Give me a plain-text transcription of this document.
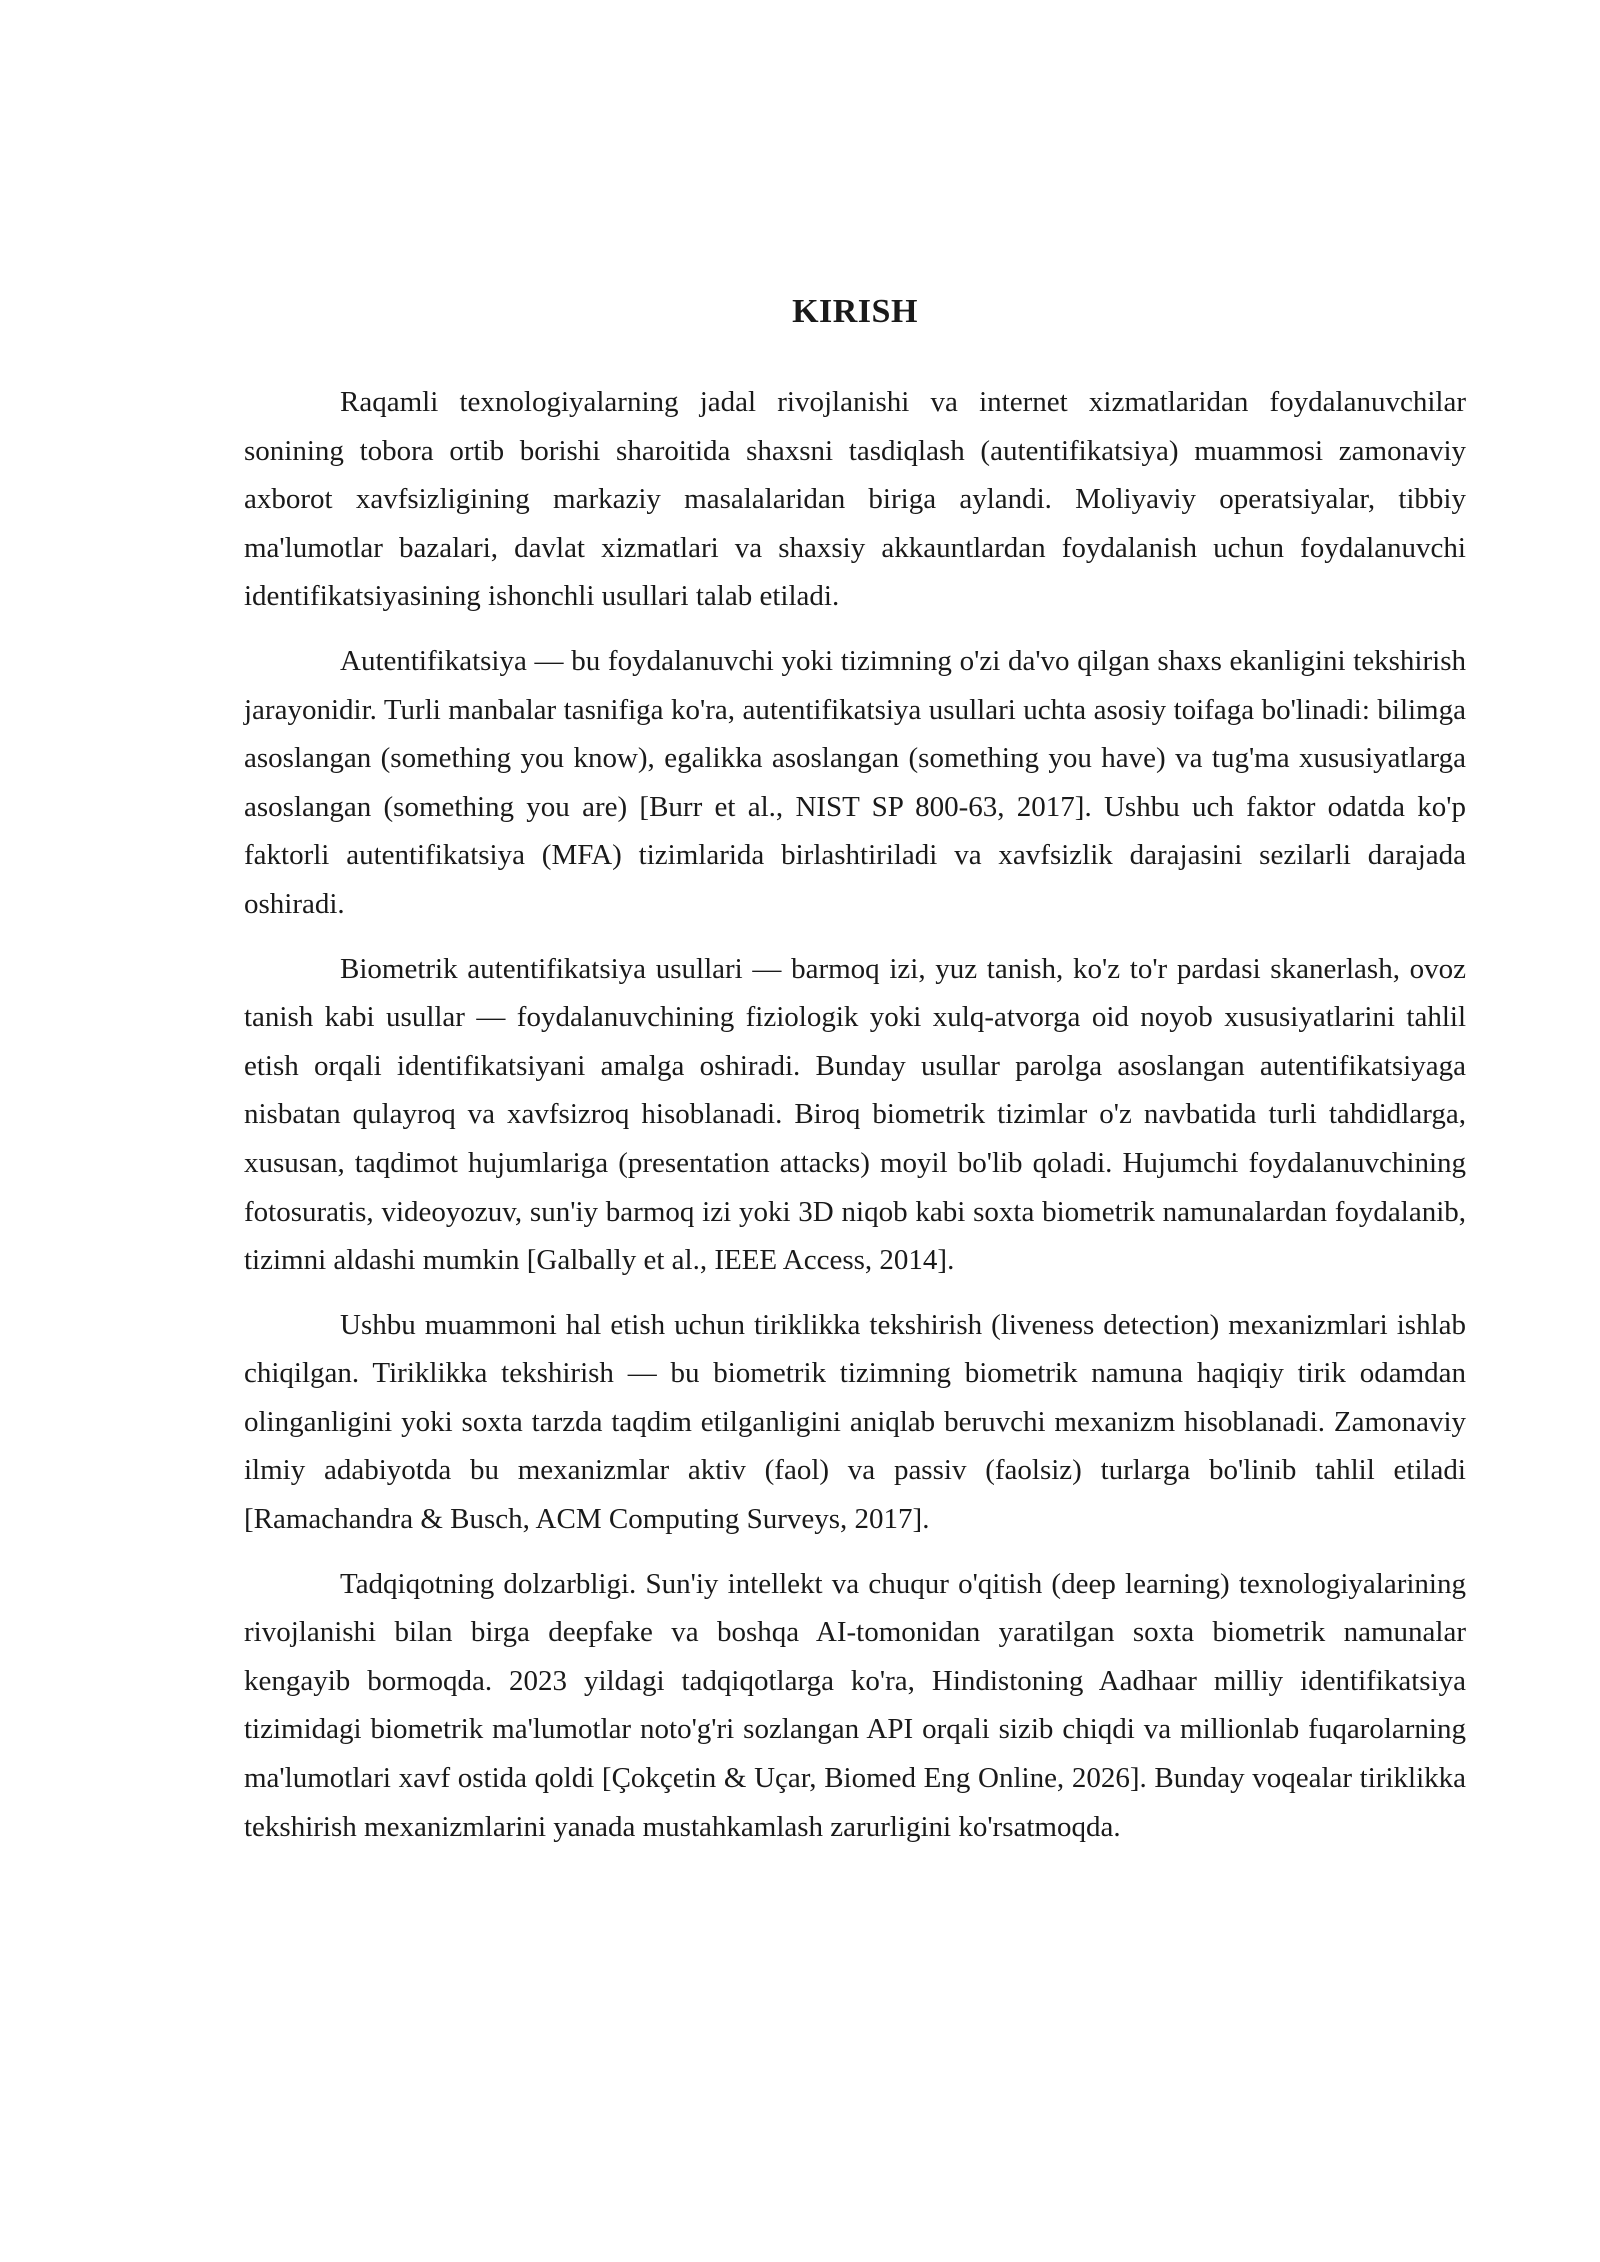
KIRISH

Raqamli texnologiyalarning jadal rivojlanishi va internet xizmatlaridan foydalanuvchilar sonining tobora ortib borishi sharoitida shaxsni tasdiqlash (autentifikatsiya) muammosi zamonaviy axborot xavfsizligining markaziy masalalaridan biriga aylandi. Moliyaviy operatsiyalar, tibbiy ma'lumotlar bazalari, davlat xizmatlari va shaxsiy akkauntlardan foydalanish uchun foydalanuvchi identifikatsiyasining ishonchli usullari talab etiladi.

Autentifikatsiya — bu foydalanuvchi yoki tizimning o'zi da'vo qilgan shaxs ekanligini tekshirish jarayonidir. Turli manbalar tasnifiga ko'ra, autentifikatsiya usullari uchta asosiy toifaga bo'linadi: bilimga asoslangan (something you know), egalikka asoslangan (something you have) va tug'ma xususiyatlarga asoslangan (something you are) [Burr et al., NIST SP 800-63, 2017]. Ushbu uch faktor odatda ko'p faktorli autentifikatsiya (MFA) tizimlarida birlashtiriladi va xavfsizlik darajasini sezilarli darajada oshiradi.

Biometrik autentifikatsiya usullari — barmoq izi, yuz tanish, ko'z to'r pardasi skanerlash, ovoz tanish kabi usullar — foydalanuvchining fiziologik yoki xulq-atvorga oid noyob xususiyatlarini tahlil etish orqali identifikatsiyani amalga oshiradi. Bunday usullar parolga asoslangan autentifikatsiyaga nisbatan qulayroq va xavfsizroq hisoblanadi. Biroq biometrik tizimlar o'z navbatida turli tahdidlarga, xususan, taqdimot hujumlariga (presentation attacks) moyil bo'lib qoladi. Hujumchi foydalanuvchining fotosuratis, videoyozuv, sun'iy barmoq izi yoki 3D niqob kabi soxta biometrik namunalardan foydalanib, tizimni aldashi mumkin [Galbally et al., IEEE Access, 2014].

Ushbu muammoni hal etish uchun tiriklikka tekshirish (liveness detection) mexanizmlari ishlab chiqilgan. Tiriklikka tekshirish — bu biometrik tizimning biometrik namuna haqiqiy tirik odamdan olinganligini yoki soxta tarzda taqdim etilganligini aniqlab beruvchi mexanizm hisoblanadi. Zamonaviy ilmiy adabiyotda bu mexanizmlar aktiv (faol) va passiv (faolsiz) turlarga bo'linib tahlil etiladi [Ramachandra & Busch, ACM Computing Surveys, 2017].

Tadqiqotning dolzarbligi. Sun'iy intellekt va chuqur o'qitish (deep learning) texnologiyalarining rivojlanishi bilan birga deepfake va boshqa AI-tomonidan yaratilgan soxta biometrik namunalar kengayib bormoqda. 2023 yildagi tadqiqotlarga ko'ra, Hindistoning Aadhaar milliy identifikatsiya tizimidagi biometrik ma'lumotlar noto'g'ri sozlangan API orqali sizib chiqdi va millionlab fuqarolarning ma'lumotlari xavf ostida qoldi [Çokçetin & Uçar, Biomed Eng Online, 2026]. Bunday voqealar tiriklikka tekshirish mexanizmlarini yanada mustahkamlash zarurligini ko'rsatmoqda.
